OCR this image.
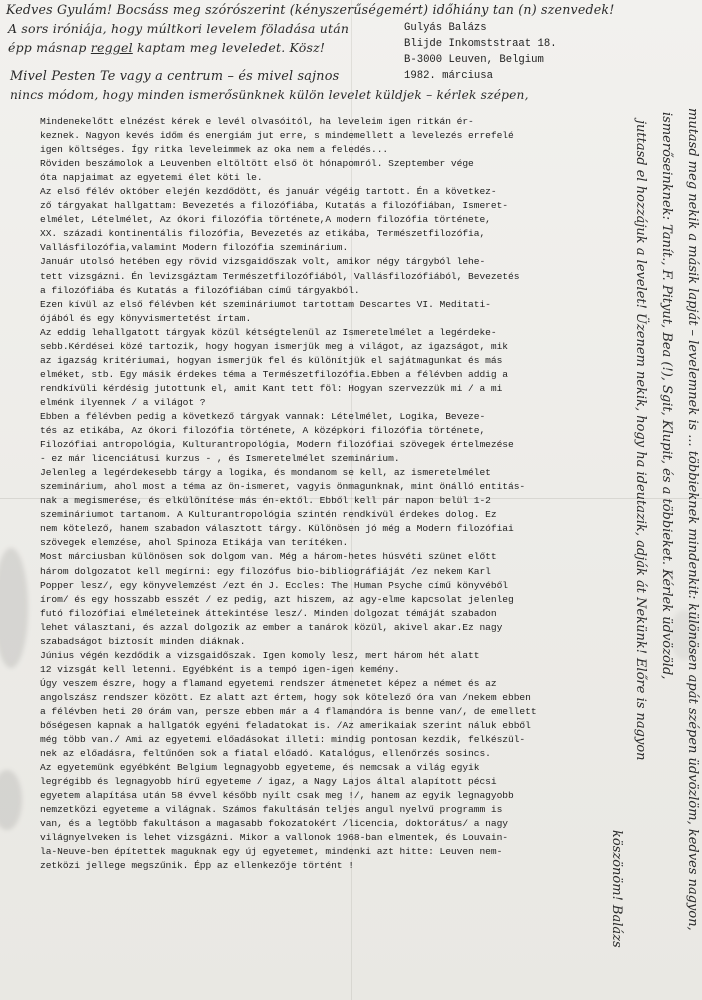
Kedves Gyulám! Bocsáss meg szórószerint (kényszerűségemért) időhiány tan (n) szenvedek!
A sors iróniája, hogy múltkori levelem föladása után
épp másnap reggel kaptam meg leveledet. Kösz!
Mivel Pesten Te vagy a centrum – és mivel sajnos
nincs módom, hogy minden ismerősünknek külön levelet küldjek – kérlek szépen,
Gulyás Balázs
Blijde Inkomststraat 18.
B-3000 Leuven, Belgium
1982. márciusa
Mindenekelőtt elnézést kérek e levél olvasóitól, ha leveleim igen ritkán ér-
keznek. Nagyon kevés időm és energiám jut erre, s mindemellett a levelezés errefelé
igen költséges. Így ritka leveleimmek az oka nem a feledés...
Röviden beszámolok a Leuvenben eltöltött első öt hónapomról. Szeptember vége
óta napjaimat az egyetemi élet köti le.
Az első félév október elején kezdődött, és január végéig tartott. Én a következ-
ző tárgyakat hallgattam: Bevezetés a filozófiába, Kutatás a filozófiában, Ismeret-
elmélet, Lételmélet, Az ókori filozófia története,A modern filozófia története,
XX. századi kontinentális filozófia, Bevezetés az etikába, Természetfilozófia,
Vallásfilozófia,valamint Modern filozófia szeminárium.
Január utolsó hetében egy rövid vizsgaidőszak volt, amikor négy tárgyból lehe-
tett vizsgázni. Én levizsgáztam Természetfilozófiából, Vallásfilozófiából, Bevezetés
a filozófiába és Kutatás a filozófiában című tárgyakból.
Ezen kívül az első félévben két szemináriumot tartottam Descartes VI. Meditati-
ójából és egy könyvismertetést írtam.
Az eddig lehallgatott tárgyak közül kétségtelenül az Ismeretelmélet a legérdeke-
sebb.Kérdései közé tartozik, hogy hogyan ismerjük meg a világot, az igazságot, mik
az igazság kritériumai, hogyan ismerjük fel és különítjük el sajátmagunkat és más
elméket, stb. Egy másik érdekes téma a Természetfilozófia.Ebben a félévben addig a
rendkívüli kérdésig jutottunk el, amit Kant tett föl: Hogyan szervezzük mi / a mi
elménk ilyennek / a világot ?
Ebben a félévben pedig a következő tárgyak vannak: Lételmélet, Logika, Beveze-
tés az etikába, Az ókori filozófia története, A középkori filozófia története,
Filozófiai antropológia, Kulturantropológia, Modern filozófiai szövegek értelmezése
- ez már licenciátusi kurzus - , és Ismeretelmélet szeminárium.
Jelenleg a legérdekesebb tárgy a logika, és mondanom se kell, az ismeretelmélet
szeminárium, ahol most a téma az ön-ismeret, vagyis önmagunknak, mint önálló entitás-
nak a megismerése, és elkülönítése más én-ektől. Ebből kell pár napon belül 1-2
szemináriumot tartanom. A Kulturantropológia szintén rendkívül érdekes dolog. Ez
nem kötelező, hanem szabadon választott tárgy. Különösen jó még a Modern filozófiai
szövegek elemzése, ahol Spinoza Etikája van terítéken.
Most márciusban különösen sok dolgom van. Még a három-hetes húsvéti szünet előtt
három dolgozatot kell megírni: egy filozófus bio-bibliográfiáját /ez nekem Karl
Popper lesz/, egy könyvelemzést /ezt én J. Eccles: The Human Psyche című könyvéből
írom/ és egy hosszabb esszét / ez pedig, azt hiszem, az agy-elme kapcsolat jelenleg
futó filozófiai elméleteinek áttekintése lesz/. Minden dolgozat témáját szabadon
lehet választani, és azzal dolgozik az ember a tanárok közül, akivel akar.Ez nagy
szabadságot biztosít minden diáknak.
Június végén kezdődik a vizsgaidőszak. Igen komoly lesz, mert három hét alatt
12 vizsgát kell letenni. Egyébként is a tempó igen-igen kemény.
Úgy veszem észre, hogy a flamand egyetemi rendszer átmenetet képez a német és az
angolszász rendszer között. Ez alatt azt értem, hogy sok kötelező óra van /nekem ebben
a félévben heti 20 órám van, persze ebben már a 4 flamandóra is benne van/, de emellett
bőségesen kapnak a hallgatók egyéni feladatokat is. /Az amerikaiak szerint náluk ebből
még több van./ Ami az egyetemi előadásokat illeti: mindig pontosan kezdik, felkészül-
nek az előadásra, feltűnően sok a fiatal előadó. Katalógus, ellenőrzés sosincs.
Az egyetemünk egyébként Belgium legnagyobb egyeteme, és nemcsak a világ egyik
legrégibb és legnagyobb hírű egyeteme / igaz, a Nagy Lajos által alapított pécsi
egyetem alapítása után 58 évvel később nyílt csak meg !/, hanem az egyik legnagyobb
nemzetközi egyeteme a világnak. Számos fakultásán teljes angul nyelvű programm is
van, és a legtöbb fakultáson a magasabb fokozatokért /licencia, doktorátus/ a nagy
világnyelveken is lehet vizsgázni. Mikor a vallonok 1968-ban elmentek, és Louvain-
la-Neuve-ben építettek maguknak egy új egyetemet, mindenki azt hitte: Leuven nem-
zetközi jellege megszűnik. Épp az ellenkezője történt !	mutasd meg nekik a másik lapját – levelemnek is ... többieknek mindenkit: különösen apát szépen üdvözlöm, kedves nagyon,
ismerőseinknek: Tanít., F. Pityut, Bea (!), Sgit, Klupit, és a többieket. Kérlek üdvözöld,
juttasd el hozzájuk a levelet! Üzenem nekik, hogy ha ideutazik, adják át Nekünk! Előre is nagyon
köszönöm! Balázs
